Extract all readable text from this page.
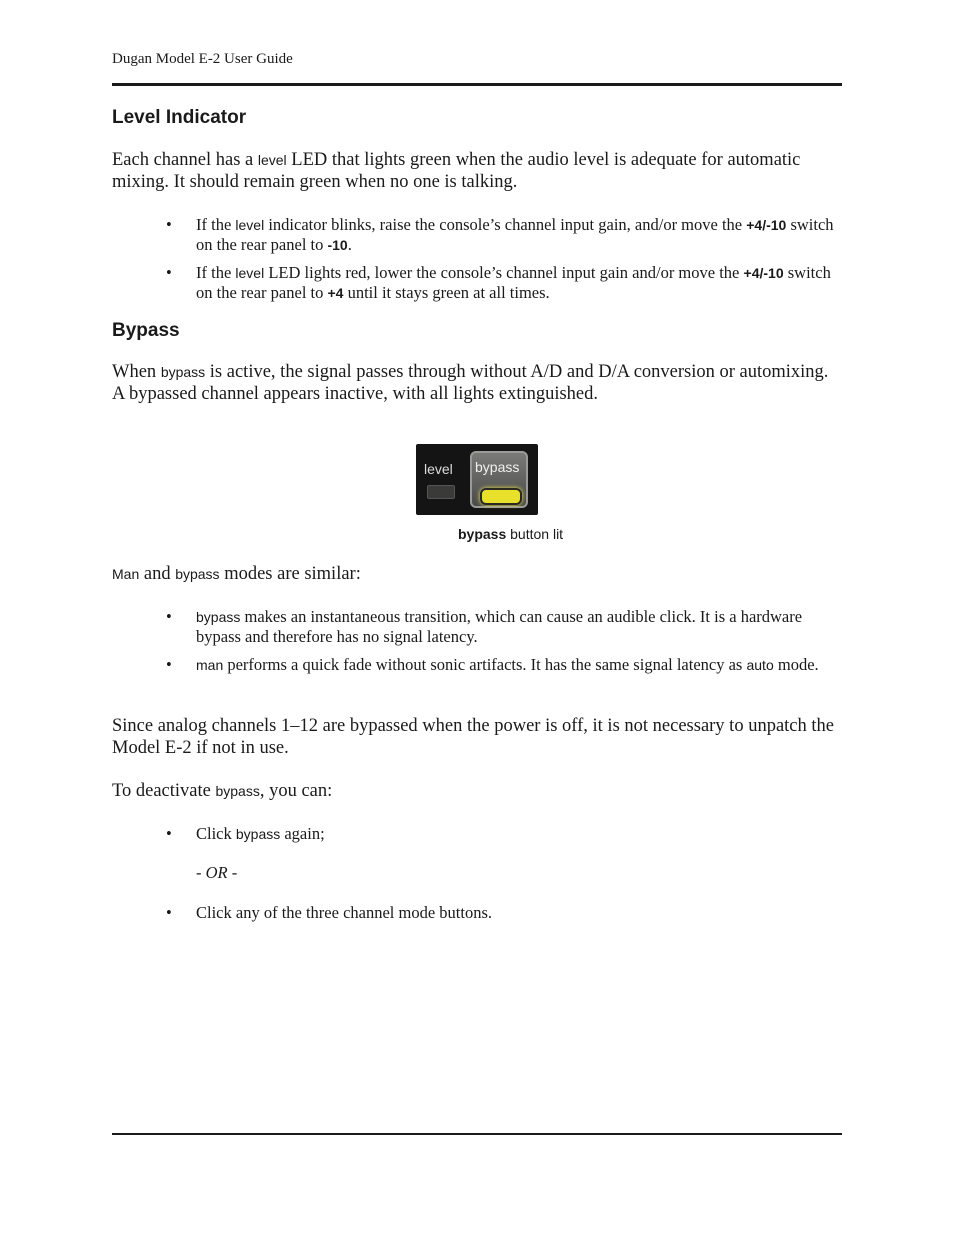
Dugan Model E-2 User Guide
Level Indicator

Each channel has a level LED that lights green when the audio level is adequate for automatic mixing. It should remain green when no one is talking.

• If the level indicator blinks, raise the console’s channel input gain, and/or move the +4/-10 switch on the rear panel to -10.
• If the level LED lights red, lower the console’s channel input gain and/or move the +4/-10 switch on the rear panel to +4 until it stays green at all times.
Bypass

When bypass is active, the signal passes through without A/D and D/A conversion or automixing. A bypassed channel appears inactive, with all lights extinguished.

level bypass
bypass button lit

Man and bypass modes are similar:

• bypass makes an instantaneous transition, which can cause an audible click. It is a hardware bypass and therefore has no signal latency.
• man performs a quick fade without sonic artifacts. It has the same signal latency as auto mode.

Since analog channels 1–12 are bypassed when the power is off, it is not necessary to unpatch the Model E-2 if not in use.

To deactivate bypass, you can:

• Click bypass again;
- OR -
• Click any of the three channel mode buttons.
